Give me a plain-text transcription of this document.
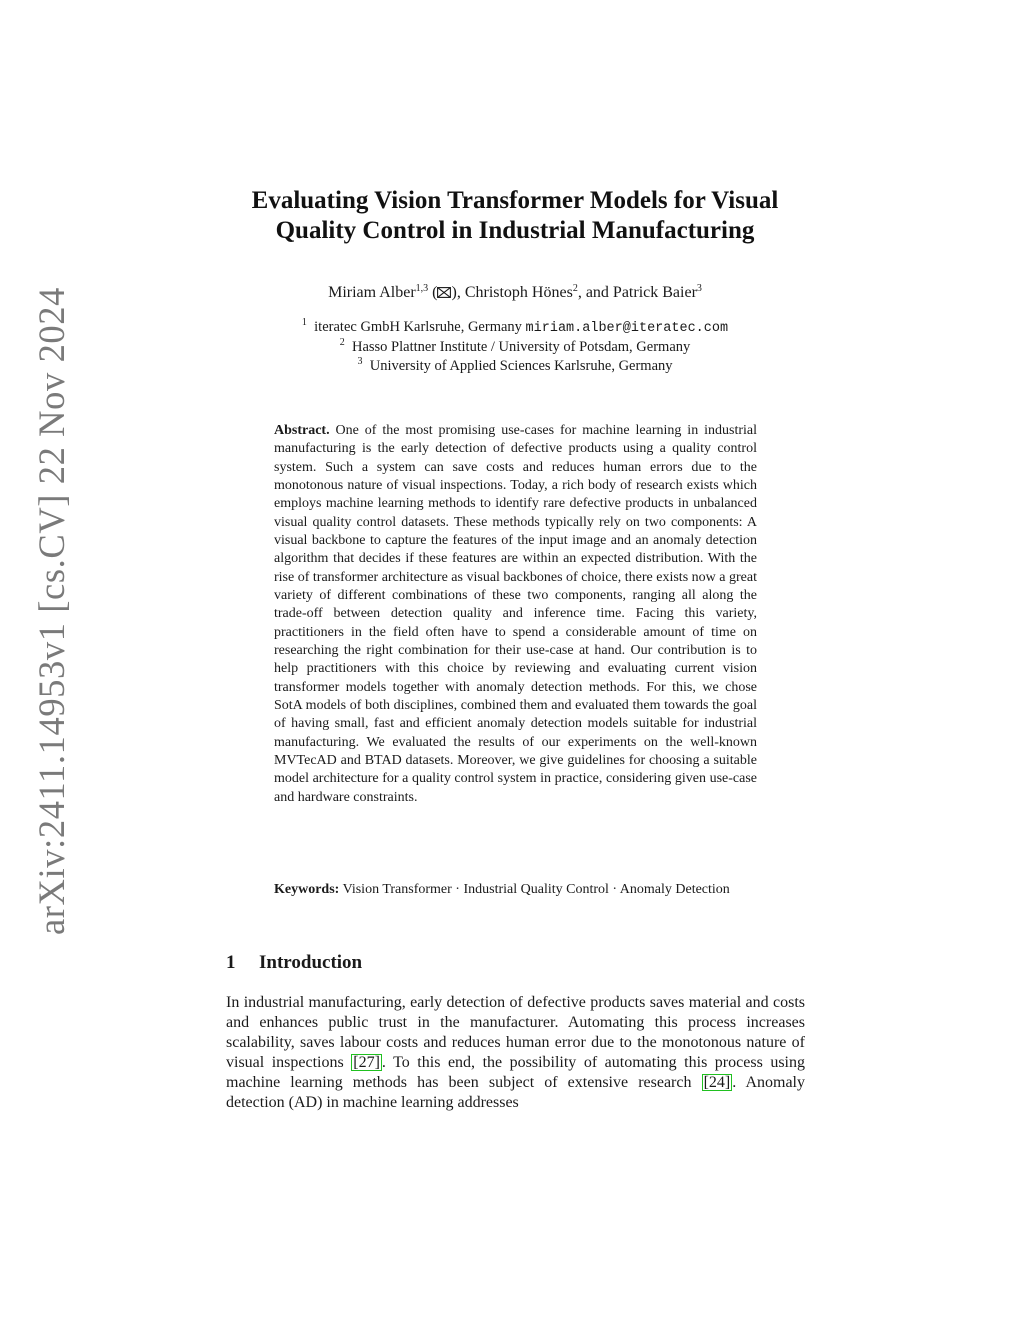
arXiv:2411.14953v1 [cs.CV] 22 Nov 2024
Evaluating Vision Transformer Models for Visual
Quality Control in Industrial Manufacturing
Miriam Alber$^{1,3}$ ( ), Christoph Hönes$^2$, and Patrick Baier$^3$
$^1$ iteratec GmbH Karlsruhe, Germany miriam.alber@iteratec.com
$^2$ Hasso Plattner Institute / University of Potsdam, Germany
$^3$ University of Applied Sciences Karlsruhe, Germany

Abstract. One of the most promising use-cases for machine learning in industrial manufacturing is the early detection of defective products using a quality control system. Such a system can save costs and reduces human errors due to the monotonous nature of visual inspections. Today, a rich body of research exists which employs machine learning methods to identify rare defective products in unbalanced visual quality control datasets. These methods typically rely on two components: A visual backbone to capture the features of the input image and an anomaly detection algorithm that decides if these features are within an expected distribution. With the rise of transformer architecture as visual backbones of choice, there exists now a great variety of different combinations of these two components, ranging all along the trade-off between detection quality and inference time. Facing this variety, practitioners in the field often have to spend a considerable amount of time on researching the right combination for their use-case at hand. Our contribution is to help practitioners with this choice by reviewing and evaluating current vision transformer models together with anomaly detection methods. For this, we chose SotA models of both disciplines, combined them and evaluated them towards the goal of having small, fast and efficient anomaly detection models suitable for industrial manufacturing. We evaluated the results of our experiments on the well-known MVTecAD and BTAD datasets. Moreover, we give guidelines for choosing a suitable model architecture for a quality control system in practice, considering given use-case and hardware constraints.

Keywords: Vision Transformer · Industrial Quality Control · Anomaly Detection

1 Introduction

In industrial manufacturing, early detection of defective products saves material and costs and enhances public trust in the manufacturer. Automating this process increases scalability, saves labour costs and reduces human error due to the monotonous nature of visual inspections [27] . To this end, the possibility of automating this process using machine learning methods has been subject of extensive research [24] . Anomaly detection (AD) in machine learning addresses
